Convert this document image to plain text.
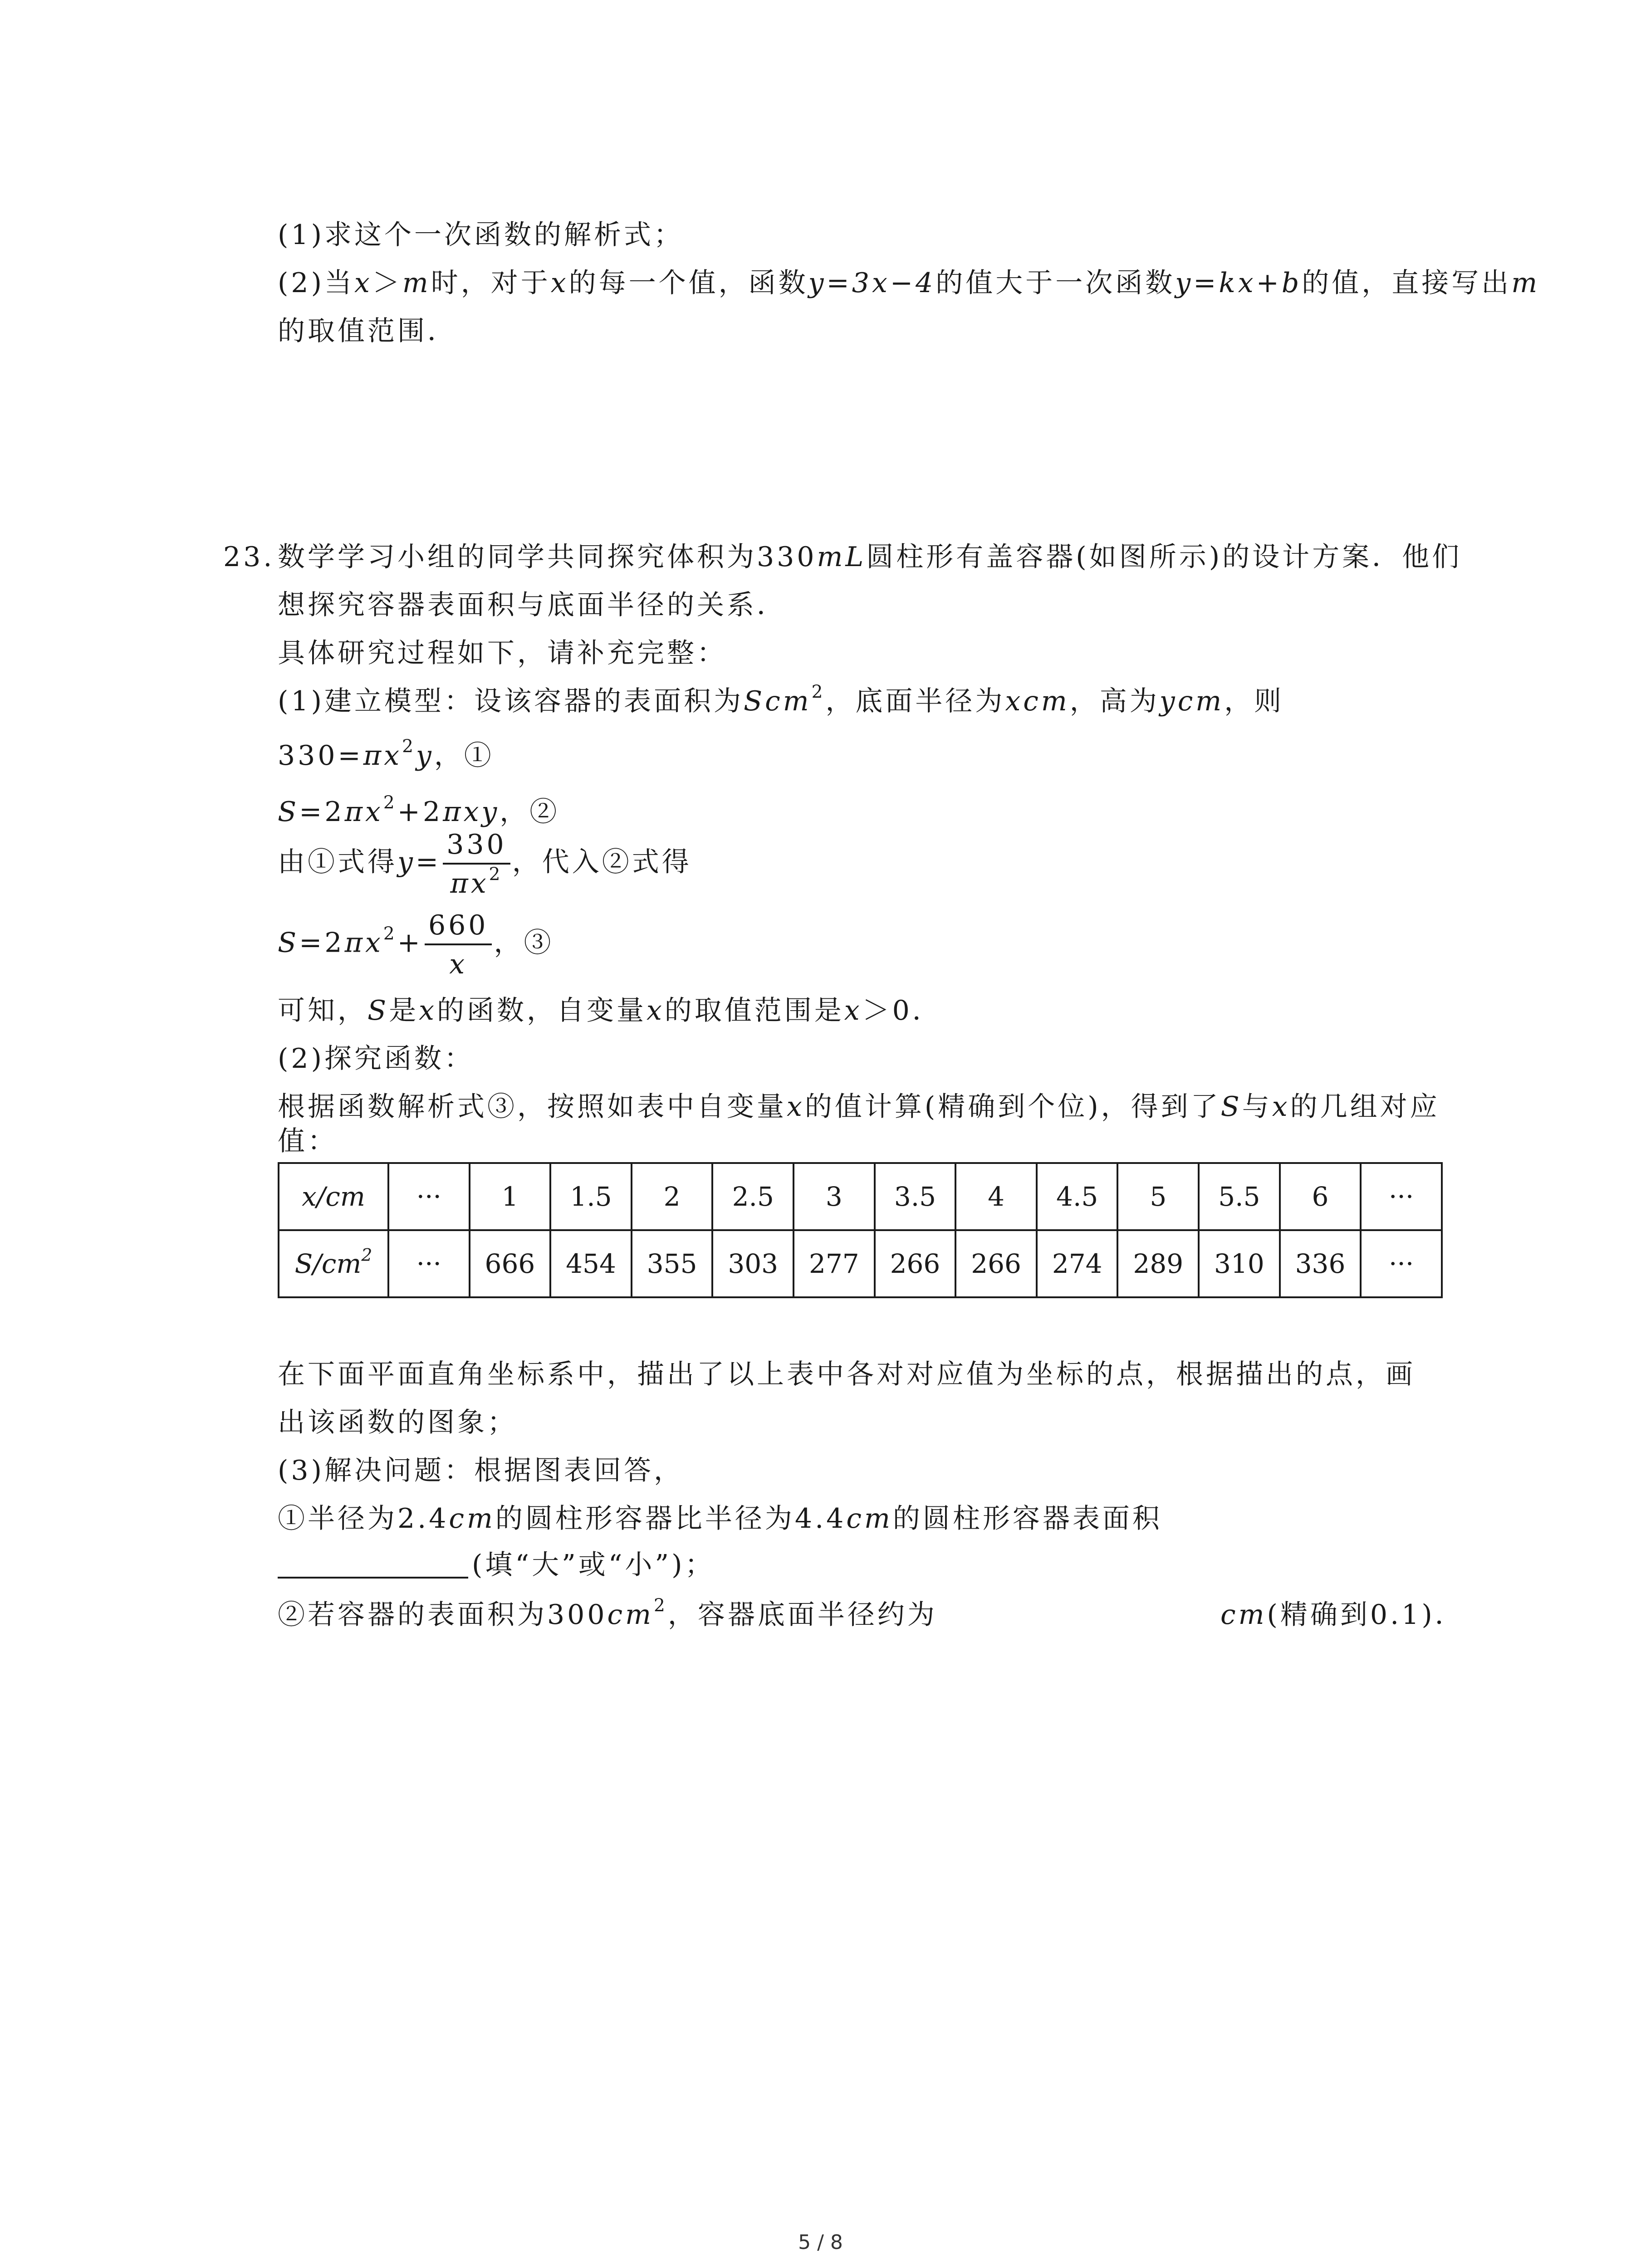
(1)求这个一次函数的解析式；
(2)当x＞m时，对于x的每一个值，函数y=3x−4的值大于一次函数y=kx+b的值，直接写出m
的取值范围．
23. 数学学习小组的同学共同探究体积为330mL圆柱形有盖容器(如图所示)的设计方案．他们
想探究容器表面积与底面半径的关系．
具体研究过程如下，请补充完整：
(1)建立模型：设该容器的表面积为Scm$^2$，底面半径为xcm，高为ycm，则
$330=\pi x^2y$，①
$S=2\pi x^2+2\pi xy$，②
由①式得$y= \frac{330}{\pi x^2}$ ，代入②式得
$S=2\pi x^2+ \frac{660}{x}$ ，③
可知，S是x的函数，自变量x的取值范围是x＞0．
(2)探究函数：
根据函数解析式③，按照如表中自变量x的值计算(精确到个位)，得到了S与x的几组对应
值：
x/cm	···	1	1.5	2	2.5	3	3.5	4	4.5	5	5.5	6	···
$S/cm^2$	···	666	454	355	303	277	266	266	274	289	310	336	···
在下面平面直角坐标系中，描出了以上表中各对对应值为坐标的点，根据描出的点，画
出该函数的图象；
(3)解决问题：根据图表回答，
①半径为2.4cm的圆柱形容器比半径为4.4cm的圆柱形容器表面积
(填“大”或“小”)；
②若容器的表面积为$300cm^2$，容器底面半径约为	cm(精确到0.1)．
5 / 8
